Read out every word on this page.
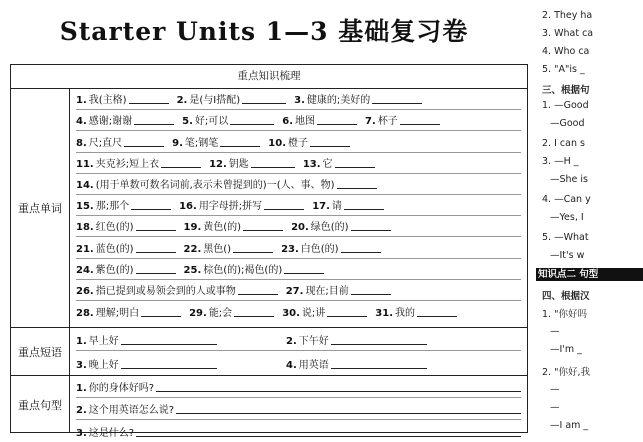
Starter Units 1—3 基础复习卷
重点知识梳理
重点单词
1. 我(主格)	2. 是(与I搭配)	3. 健康的;美好的
4. 感谢;谢谢	5. 好;可以	6. 地图	7. 杯子
8. 尺;直尺	9. 笔;钢笔	10. 橙子
11. 夹克衫;短上衣	12. 钥匙	13. 它
14. (用于单数可数名词前,表示未曾提到的)一(人、事、物)
15. 那;那个	16. 用字母拼;拼写	17. 请
18. 红色(的)	19. 黄色(的)	20. 绿色(的)
21. 蓝色(的)	22. 黑色()	23. 白色(的)
24. 紫色(的)	25. 棕色(的);褐色(的)
26. 指已提到或易领会到的人或事物	27. 现在;目前
28. 理解;明白	29. 能;会	30. 说;讲	31. 我的
重点短语
1. 早上好	2. 下午好
3. 晚上好	4. 用英语
重点句型
1. 你的身体好吗?
2. 这个用英语怎么说?
3. 这是什么?
2. They ha
3. What ca
4. Who ca
5. "A"is _
三、根据句
1. —Good
—Good
2. I can s
3. —H _
—She is
4. —Can y
—Yes, I
5. —What
—It's w
知识点二 句型
四、根据汉
1. "你好吗
—
—I'm _
2. "你好,我
—
—
—I am _
